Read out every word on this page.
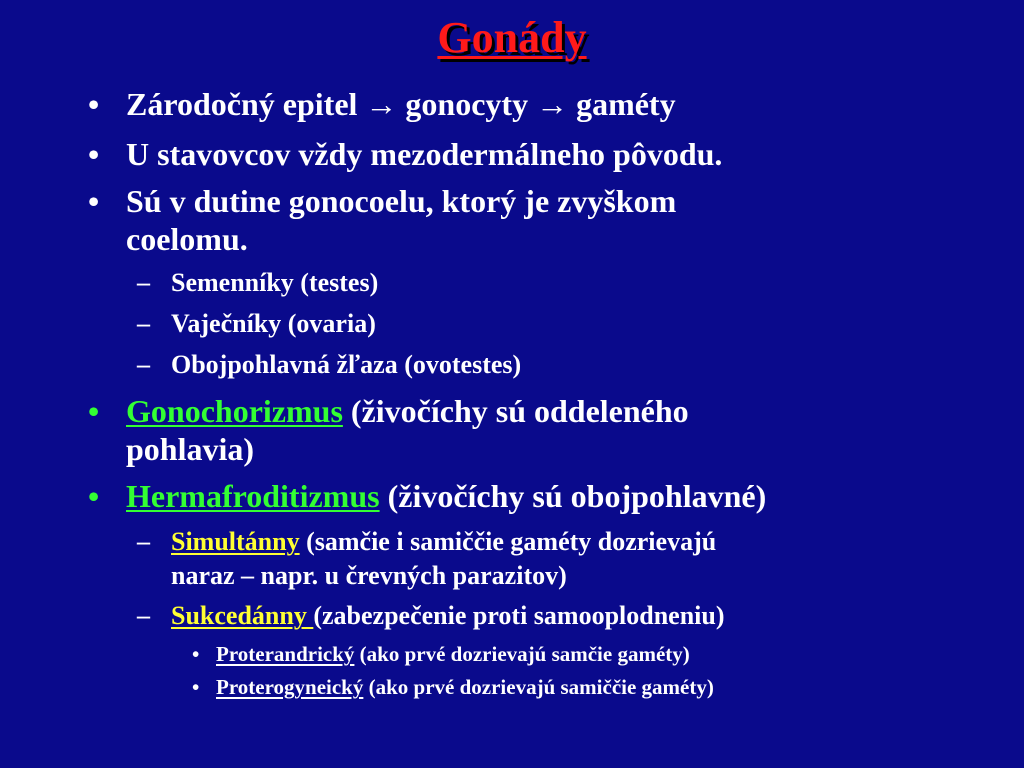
Gonády
• Zárodočný epitel → gonocyty → gaméty
• U stavovcov vždy mezodermálneho pôvodu.
• Sú v dutine gonocoelu, ktorý je zvyškom
coelomu.
– Semenníky (testes)
– Vaječníky (ovaria)
– Obojpohlavná žľaza (ovotestes)
• Gonochorizmus (živočíchy sú oddeleného
pohlavia)
• Hermafroditizmus (živočíchy sú obojpohlavné)
– Simultánny (samčie i samiččie gaméty dozrievajú
naraz – napr. u črevných parazitov)
– Sukcedánny (zabezpečenie proti samooplodneniu)
• Proterandrický (ako prvé dozrievajú samčie gaméty)
• Proterogyneický (ako prvé dozrievajú samiččie gaméty)
